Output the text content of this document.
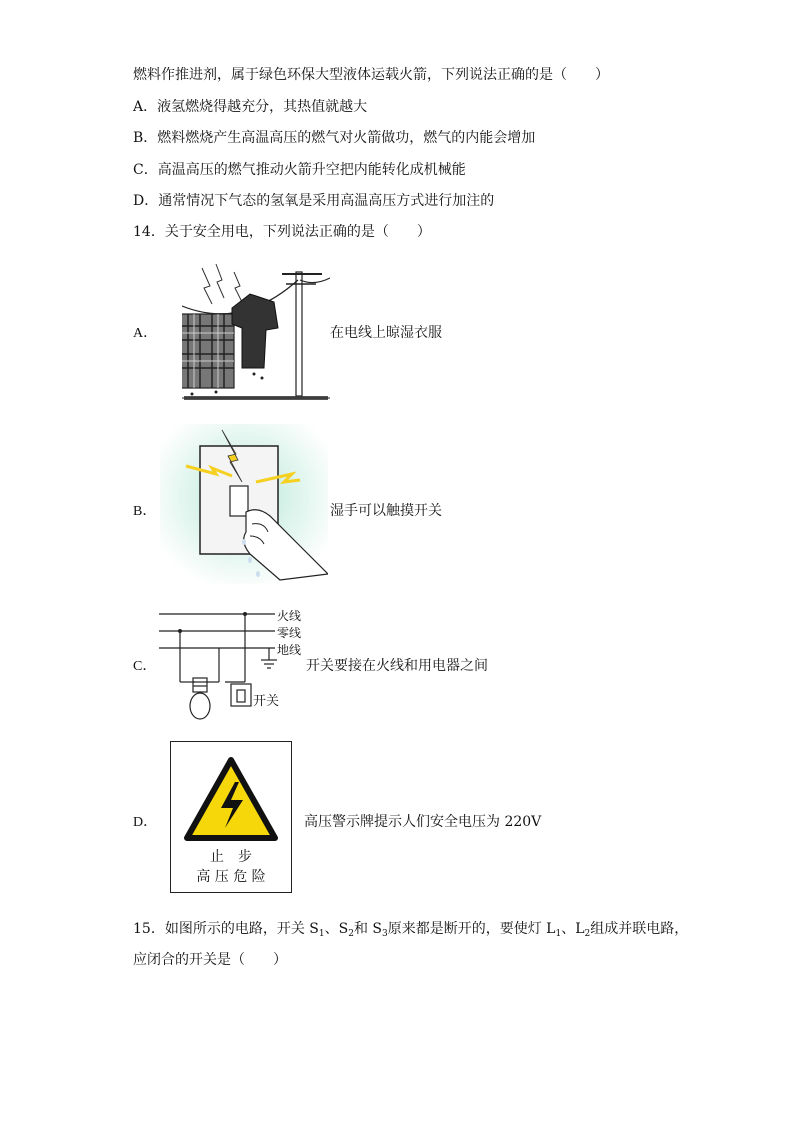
燃料作推进剂，属于绿色环保大型液体运载火箭，下列说法正确的是（　　）
A．液氢燃烧得越充分，其热值就越大
B．燃料燃烧产生高温高压的燃气对火箭做功，燃气的内能会增加
C．高温高压的燃气推动火箭升空把内能转化成机械能
D．通常情况下气态的氢氧是采用高温高压方式进行加注的
14．关于安全用电，下列说法正确的是（　　）
A．	在电线上晾湿衣服
B．	湿手可以触摸开关
C．
火线
零线
地线
开关
开关要接在火线和用电器之间
D．
止　步
高 压 危 险
高压警示牌提示人们安全电压为 220V
15．如图所示的电路，开关 $S_1$、$S_2$和 $S_3$原来都是断开的，要使灯 $L_1$、$L_2$组成并联电路，
应闭合的开关是（　　）
